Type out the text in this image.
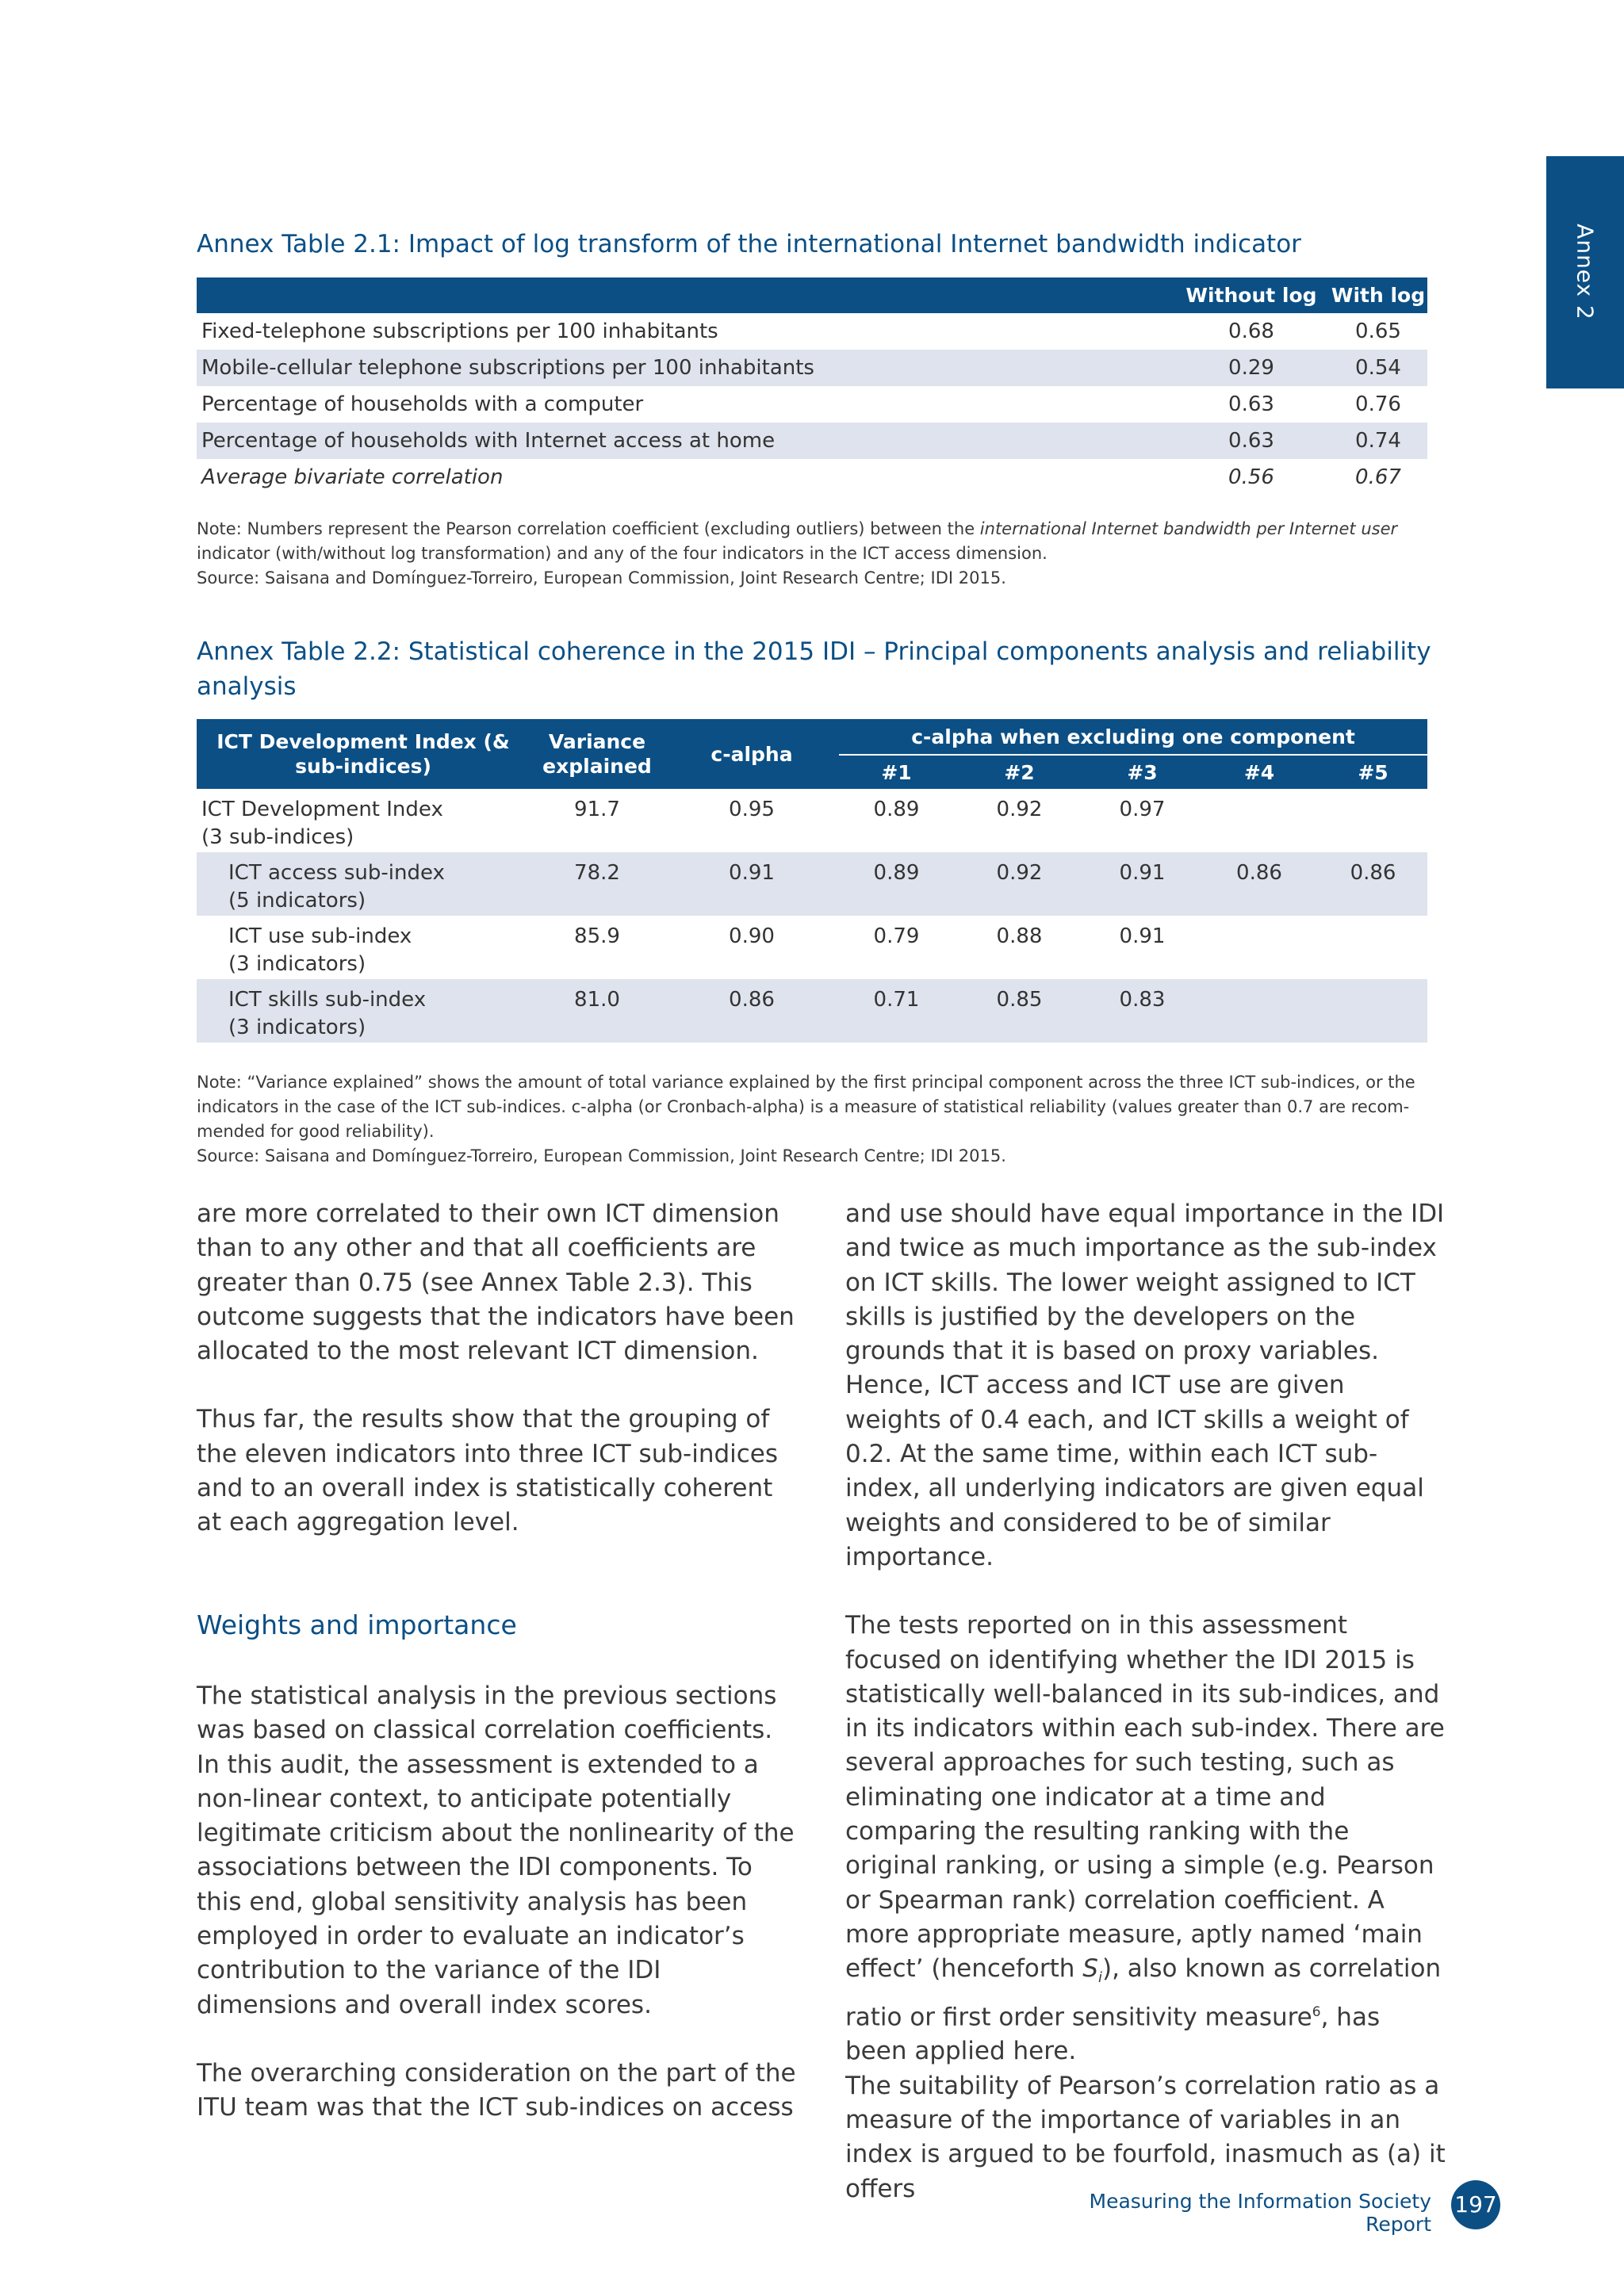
Annex 2
Annex Table 2.1: Impact of log transform of the international Internet bandwidth indicator
	Without log	With log
Fixed-telephone subscriptions per 100 inhabitants	0.68	0.65
Mobile-cellular telephone subscriptions per 100 inhabitants	0.29	0.54
Percentage of households with a computer	0.63	0.76
Percentage of households with Internet access at home	0.63	0.74
Average bivariate correlation	0.56	0.67
Note: Numbers represent the Pearson correlation coefficient (excluding outliers) between the international Internet bandwidth per Internet user indicator (with/without log transformation) and any of the four indicators in the ICT access dimension.
Source: Saisana and Domínguez-Torreiro, European Commission, Joint Research Centre; IDI 2015.
Annex Table 2.2: Statistical coherence in the 2015 IDI – Principal components analysis and reliability analysis
ICT Development Index (& sub-indices)	Variance explained	c-alpha	c-alpha when excluding one component				
			#1	#2	#3	#4	#5
ICT Development Index
(3 sub-indices)	91.7	0.95	0.89	0.92	0.97		
ICT access sub-index
(5 indicators)	78.2	0.91	0.89	0.92	0.91	0.86	0.86
ICT use sub-index
(3 indicators)	85.9	0.90	0.79	0.88	0.91		
ICT skills sub-index
(3 indicators)	81.0	0.86	0.71	0.85	0.83		
Note: “Variance explained” shows the amount of total variance explained by the first principal component across the three ICT sub-indices, or the indicators in the case of the ICT sub-indices. c-alpha (or Cronbach-alpha) is a measure of statistical reliability (values greater than 0.7 are recom-mended for good reliability).
Source: Saisana and Domínguez-Torreiro, European Commission, Joint Research Centre; IDI 2015.

are more correlated to their own ICT dimension than to any other and that all coefficients are greater than 0.75 (see Annex Table 2.3). This outcome suggests that the indicators have been allocated to the most relevant ICT dimension.

Thus far, the results show that the grouping of the eleven indicators into three ICT sub-indices and to an overall index is statistically coherent at each aggregation level.

Weights and importance

The statistical analysis in the previous sections was based on classical correlation coefficients. In this audit, the assessment is extended to a non-linear context, to anticipate potentially legitimate criticism about the nonlinearity of the associations between the IDI components. To this end, global sensitivity analysis has been employed in order to evaluate an indicator’s contribution to the variance of the IDI dimensions and overall index scores.

The overarching consideration on the part of the ITU team was that the ICT sub-indices on access

and use should have equal importance in the IDI and twice as much importance as the sub-index on ICT skills. The lower weight assigned to ICT skills is justified by the developers on the grounds that it is based on proxy variables. Hence, ICT access and ICT use are given weights of 0.4 each, and ICT skills a weight of 0.2. At the same time, within each ICT sub-index, all underlying indicators are given equal weights and considered to be of similar importance.

The tests reported on in this assessment focused on identifying whether the IDI 2015 is statistically well-balanced in its sub-indices, and in its indicators within each sub-index. There are several approaches for such testing, such as eliminating one indicator at a time and comparing the resulting ranking with the original ranking, or using a simple (e.g. Pearson or Spearman rank) correlation coefficient. A more appropriate measure, aptly named ‘main effect’ (henceforth $S_i$), also known as correlation ratio or first order sensitivity measure$^6$, has been applied here.

The suitability of Pearson’s correlation ratio as a measure of the importance of variables in an index is argued to be fourfold, inasmuch as (a) it offers	Measuring the Information Society Report
197
